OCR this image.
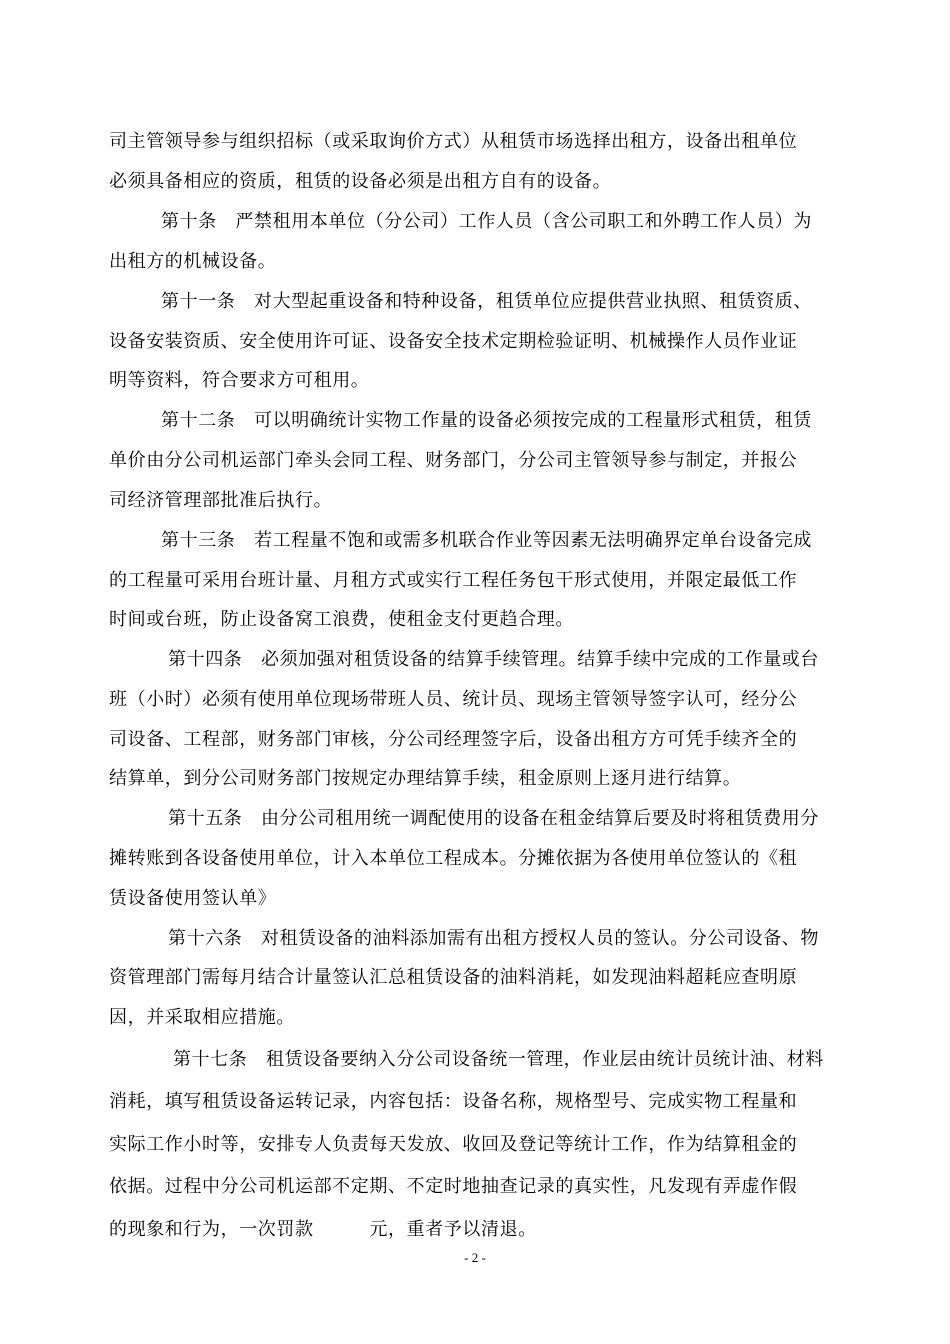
司主管领导参与组织招标（或采取询价方式）从租赁市场选择出租方，设备出租单位
必须具备相应的资质，租赁的设备必须是出租方自有的设备。
第十条　严禁租用本单位（分公司）工作人员（含公司职工和外聘工作人员）为
出租方的机械设备。
第十一条　对大型起重设备和特种设备，租赁单位应提供营业执照、租赁资质、
设备安装资质、安全使用许可证、设备安全技术定期检验证明、机械操作人员作业证
明等资料，符合要求方可租用。
第十二条　可以明确统计实物工作量的设备必须按完成的工程量形式租赁，租赁
单价由分公司机运部门牵头会同工程、财务部门，分公司主管领导参与制定，并报公
司经济管理部批准后执行。
第十三条　若工程量不饱和或需多机联合作业等因素无法明确界定单台设备完成
的工程量可采用台班计量、月租方式或实行工程任务包干形式使用，并限定最低工作
时间或台班，防止设备窝工浪费，使租金支付更趋合理。
第十四条　必须加强对租赁设备的结算手续管理。结算手续中完成的工作量或台
班（小时）必须有使用单位现场带班人员、统计员、现场主管领导签字认可，经分公
司设备、工程部，财务部门审核，分公司经理签字后，设备出租方方可凭手续齐全的
结算单，到分公司财务部门按规定办理结算手续，租金原则上逐月进行结算。
第十五条　由分公司租用统一调配使用的设备在租金结算后要及时将租赁费用分
摊转账到各设备使用单位，计入本单位工程成本。分摊依据为各使用单位签认的《租
赁设备使用签认单》
第十六条　对租赁设备的油料添加需有出租方授权人员的签认。分公司设备、物
资管理部门需每月结合计量签认汇总租赁设备的油料消耗，如发现油料超耗应查明原
因，并采取相应措施。
第十七条　租赁设备要纳入分公司设备统一管理，作业层由统计员统计油、材料
消耗，填写租赁设备运转记录，内容包括：设备名称，规格型号、完成实物工程量和
实际工作小时等，安排专人负责每天发放、收回及登记等统计工作，作为结算租金的
依据。过程中分公司机运部不定期、不定时地抽查记录的真实性，凡发现有弄虚作假
的现象和行为，一次罚款　　　元，重者予以清退。
- 2 -
